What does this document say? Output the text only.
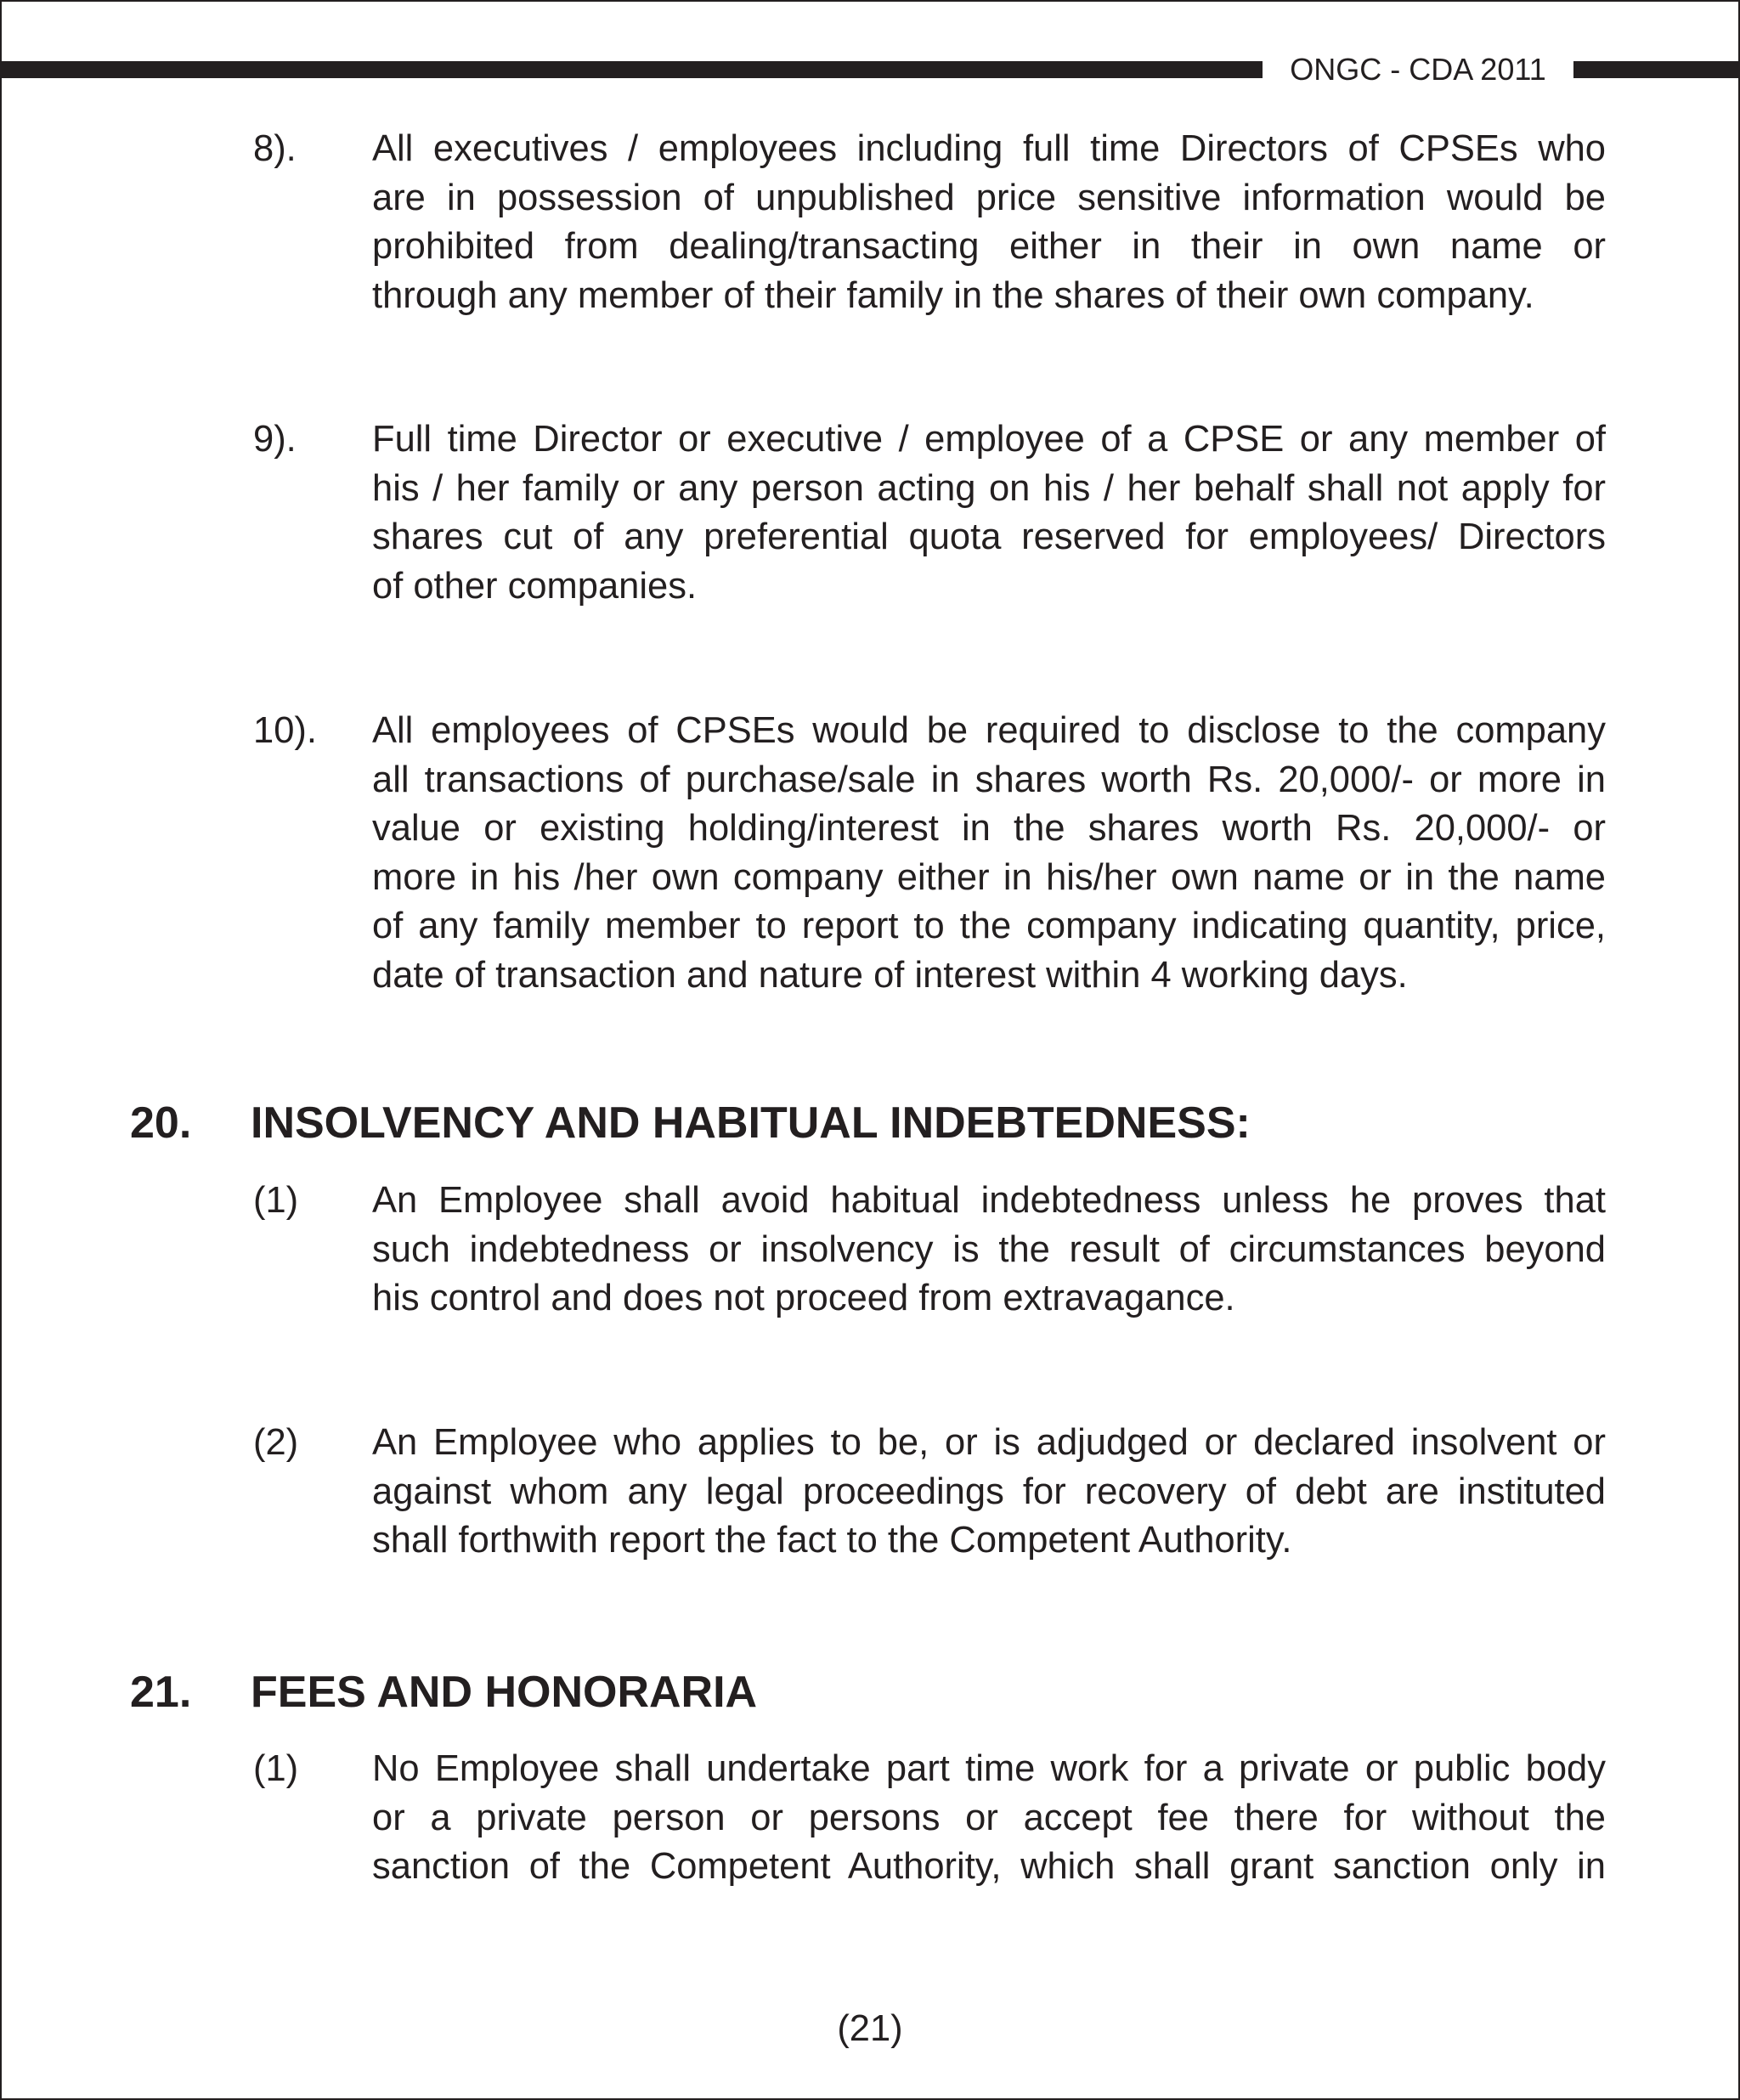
ONGC - CDA 2011
8). All executives / employees including full time Directors of CPSEs who
are in possession of unpublished price sensitive information would be
prohibited from dealing/transacting either in their in own name or
through any member of their family in the shares of their own company.
9). Full time Director or executive / employee of a CPSE or any member of
his / her family or any person acting on his / her behalf shall not apply for
shares cut of any preferential quota reserved for employees/ Directors
of other companies.
10). All employees of CPSEs would be required to disclose to the company
all transactions of purchase/sale in shares worth Rs. 20,000/- or more in
value or existing holding/interest in the shares worth Rs. 20,000/- or
more in his /her own company either in his/her own name or in the name
of any family member to report to the company indicating quantity, price,
date of transaction and nature of interest within 4 working days.
20. INSOLVENCY AND HABITUAL INDEBTEDNESS:
(1) An Employee shall avoid habitual indebtedness unless he proves that
such indebtedness or insolvency is the result of circumstances beyond
his control and does not proceed from extravagance.
(2) An Employee who applies to be, or is adjudged or declared insolvent or
against whom any legal proceedings for recovery of debt are instituted
shall forthwith report the fact to the Competent Authority.
21. FEES AND HONORARIA
(1) No Employee shall undertake part time work for a private or public body
or a private person or persons or accept fee there for without the
sanction of the Competent Authority, which shall grant sanction only in
(21)
